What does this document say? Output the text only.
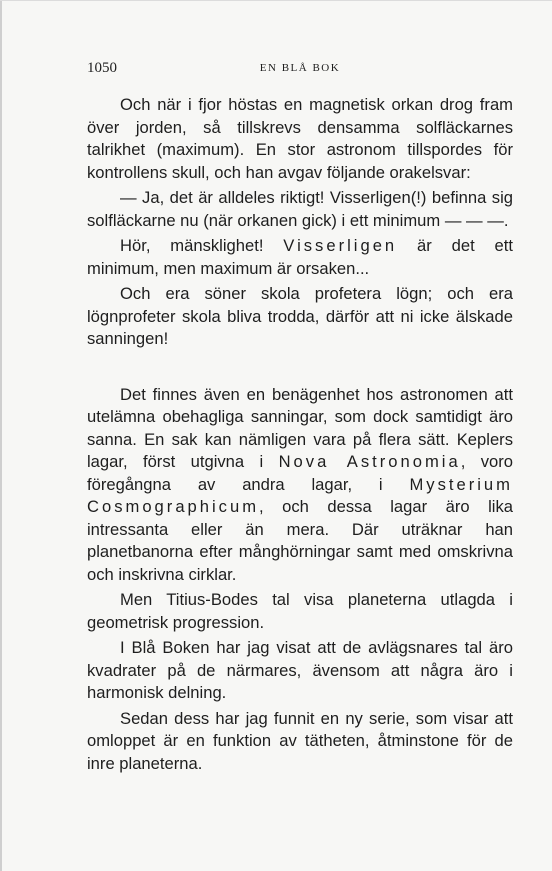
1050	EN BLÅ BOK

Och när i fjor höstas en magnetisk orkan drog fram över jorden, så tillskrevs densamma solfläckarnes talrikhet (maximum). En stor astronom tillspordes för kontrollens skull, och han avgav följande orakelsvar:

— Ja, det är alldeles riktigt! Visserligen(!) befinna sig solfläckarne nu (när orkanen gick) i ett minimum — — —.

Hör, mänsklighet! Visserligen är det ett minimum, men maximum är orsaken...

Och era söner skola profetera lögn; och era lögnprofeter skola bliva trodda, därför att ni icke älskade sanningen!

Det finnes även en benägenhet hos astronomen att utelämna obehagliga sanningar, som dock samtidigt äro sanna. En sak kan nämligen vara på flera sätt. Keplers lagar, först utgivna i Nova Astronomia, voro föregångna av andra lagar, i Mysterium Cosmographicum, och dessa lagar äro lika intressanta eller än mera. Där uträknar han planetbanorna efter månghörningar samt med omskrivna och inskrivna cirklar.

Men Titius-Bodes tal visa planeterna utlagda i geometrisk progression.

I Blå Boken har jag visat att de avlägsnares tal äro kvadrater på de närmares, ävensom att några äro i harmonisk delning.

Sedan dess har jag funnit en ny serie, som visar att omloppet är en funktion av tätheten, åtminstone för de inre planeterna.
